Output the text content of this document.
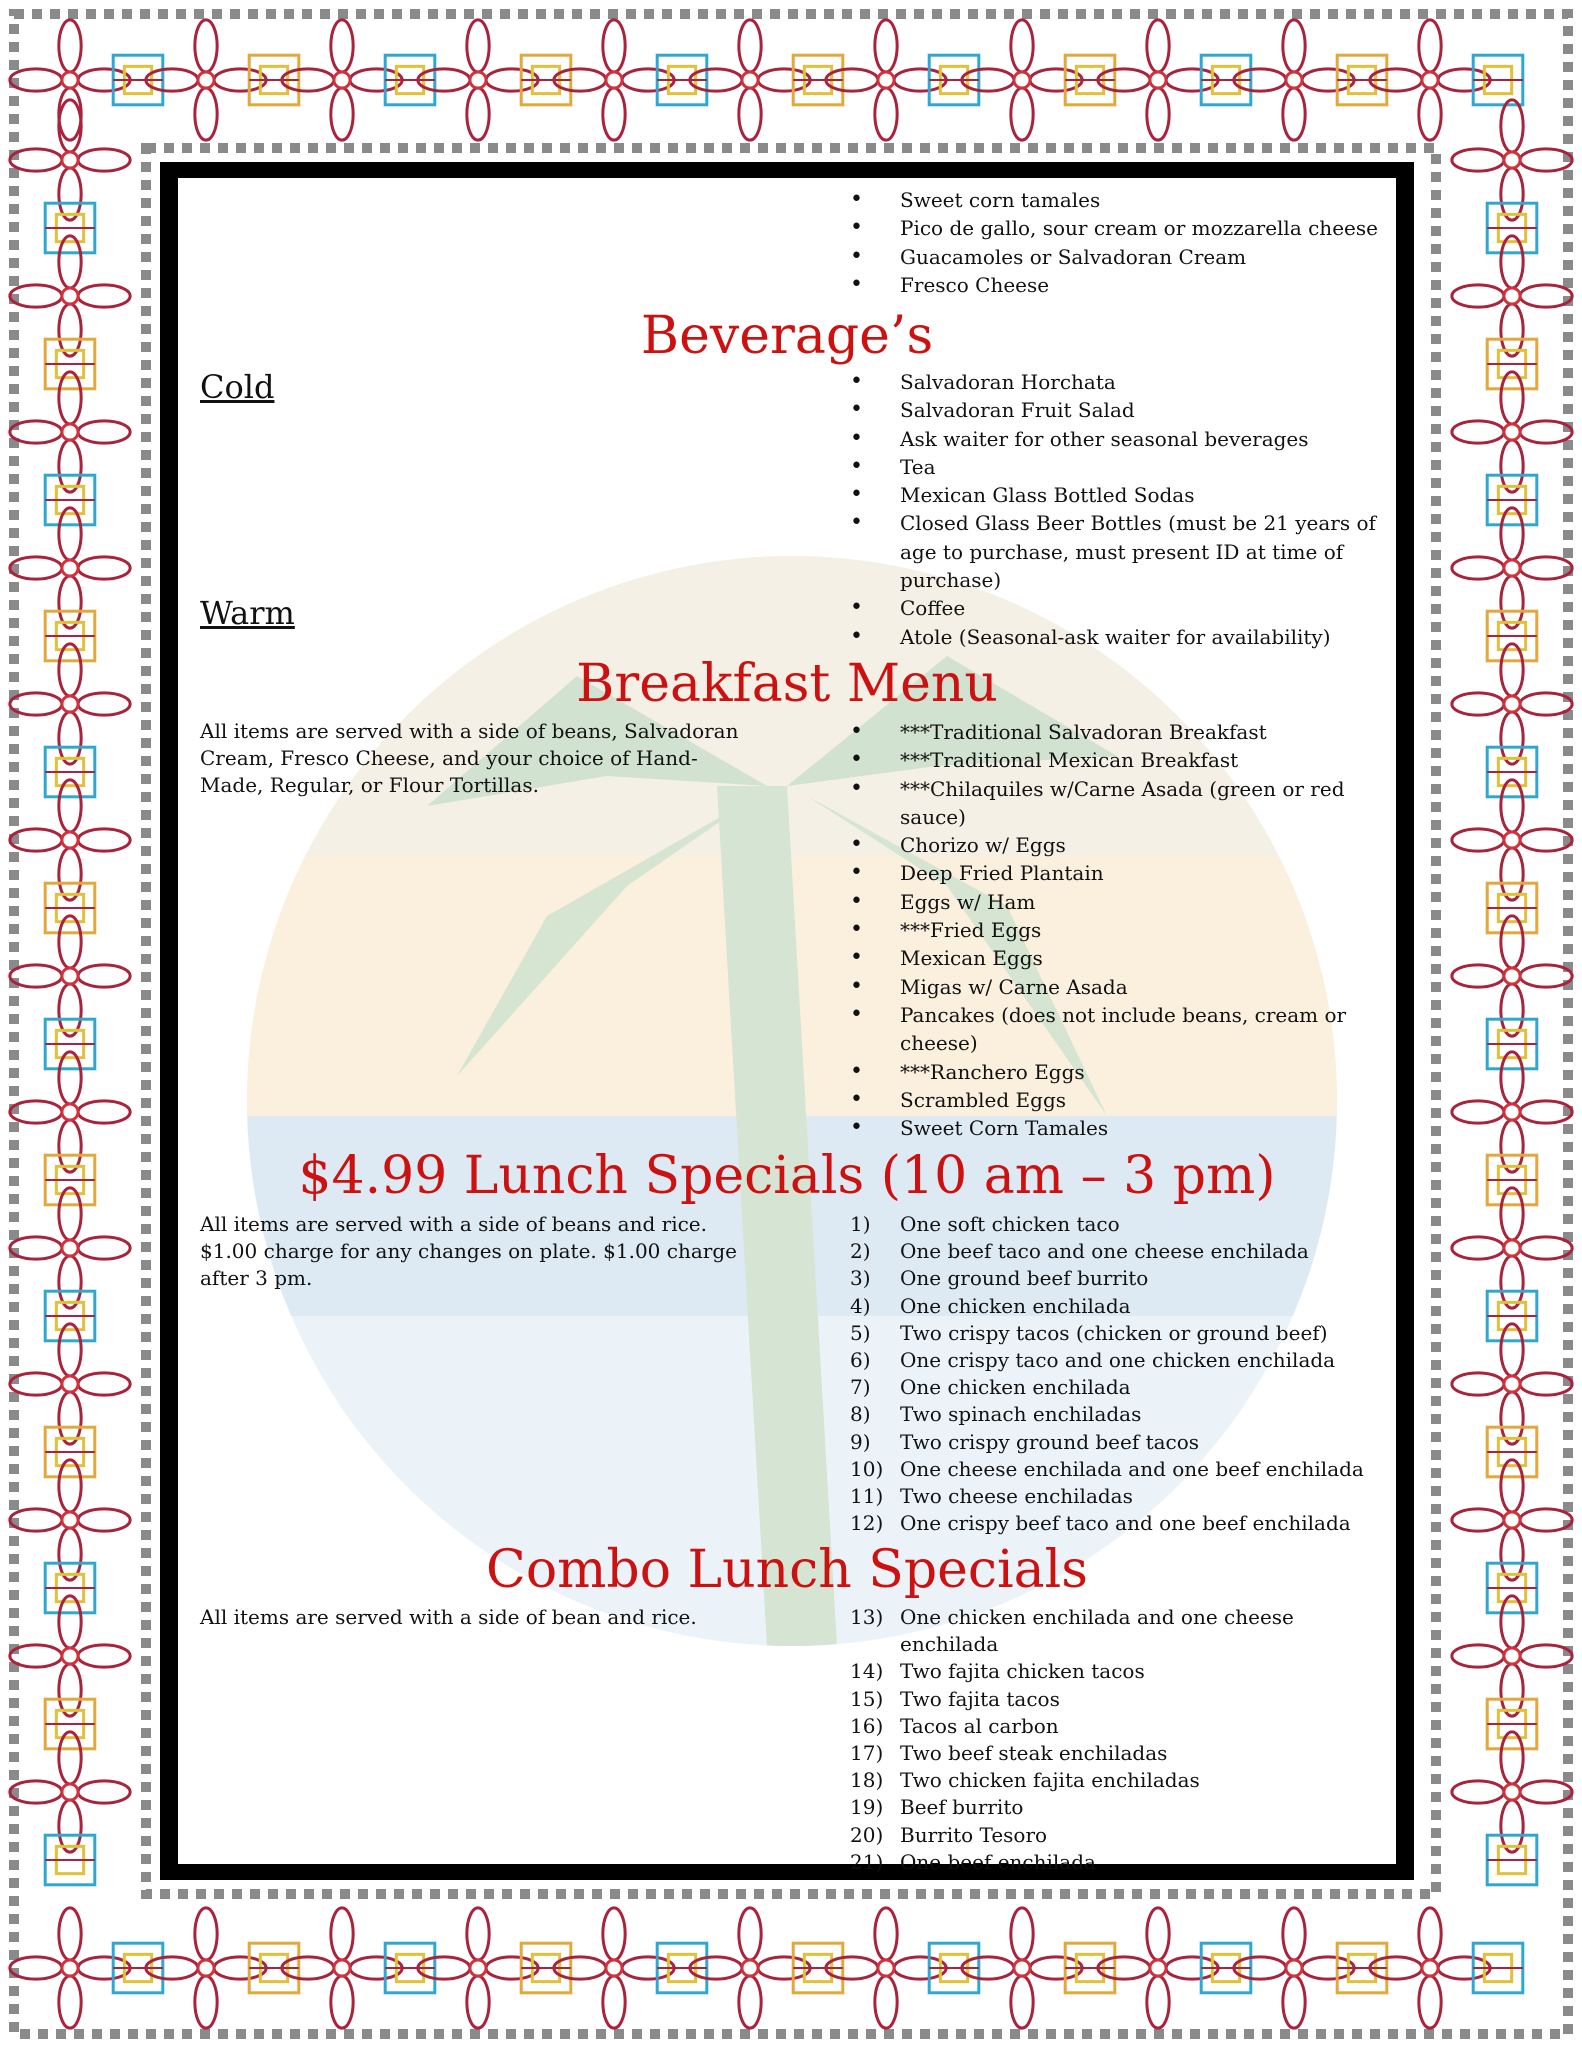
• Sweet corn tamales
• Pico de gallo, sour cream or mozzarella cheese
• Guacamoles or Salvadoran Cream
• Fresco Cheese
Beverage’s
Cold
Warm
• Salvadoran Horchata
• Salvadoran Fruit Salad
• Ask waiter for other seasonal beverages
• Tea
• Mexican Glass Bottled Sodas
• Closed Glass Beer Bottles (must be 21 years of age to purchase, must present ID at time of purchase)
• Coffee
• Atole (Seasonal-ask waiter for availability)
Breakfast Menu
All items are served with a side of beans, Salvadoran Cream, Fresco Cheese, and your choice of Hand-Made, Regular, or Flour Tortillas.
• ***Traditional Salvadoran Breakfast
• ***Traditional Mexican Breakfast
• ***Chilaquiles w/Carne Asada (green or red sauce)
• Chorizo w/ Eggs
• Deep Fried Plantain
• Eggs w/ Ham
• ***Fried Eggs
• Mexican Eggs
• Migas w/ Carne Asada
• Pancakes (does not include beans, cream or cheese)
• ***Ranchero Eggs
• Scrambled Eggs
• Sweet Corn Tamales
$4.99 Lunch Specials (10 am – 3 pm)
All items are served with a side of beans and rice. $1.00 charge for any changes on plate. $1.00 charge after 3 pm.
1) One soft chicken taco
2) One beef taco and one cheese enchilada
3) One ground beef burrito
4) One chicken enchilada
5) Two crispy tacos (chicken or ground beef)
6) One crispy taco and one chicken enchilada
7) One chicken enchilada
8) Two spinach enchiladas
9) Two crispy ground beef tacos
10) One cheese enchilada and one beef enchilada
11) Two cheese enchiladas
12) One crispy beef taco and one beef enchilada
Combo Lunch Specials
All items are served with a side of bean and rice.	13) One chicken enchilada and one cheese enchilada
14) Two fajita chicken tacos
15) Two fajita tacos
16) Tacos al carbon
17) Two beef steak enchiladas
18) Two chicken fajita enchiladas
19) Beef burrito
20) Burrito Tesoro
21) One beef enchilada
